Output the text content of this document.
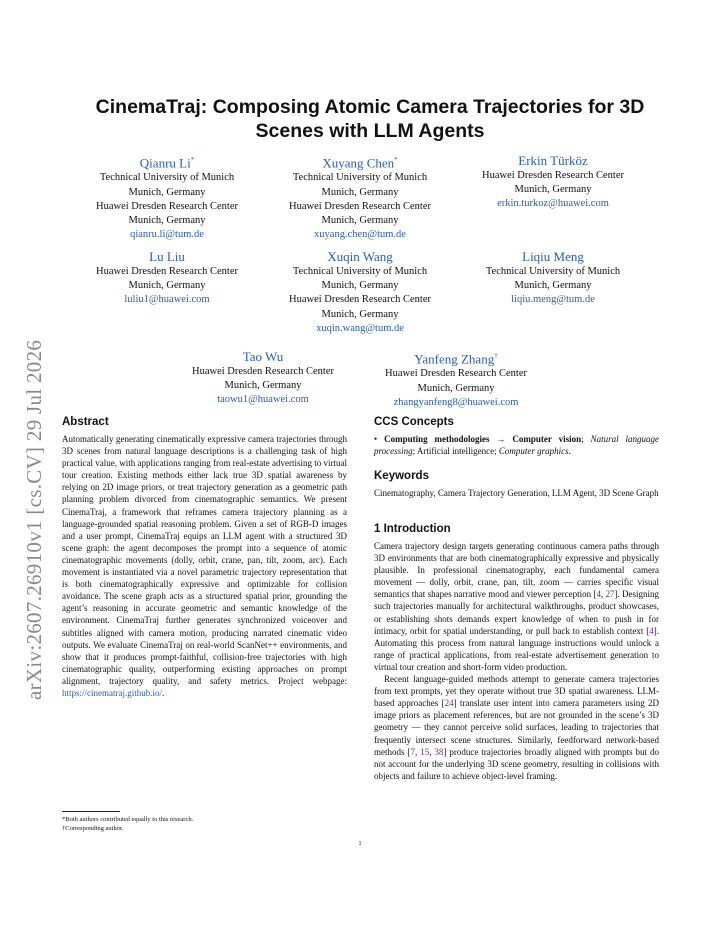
arXiv:2607.26910v1 [cs.CV] 29 Jul 2026
CinemaTraj: Composing Atomic Camera Trajectories for 3D Scenes with LLM Agents
Qianru Li*
Technical University of Munich
Munich, Germany
Huawei Dresden Research Center
Munich, Germany
qianru.li@tum.de
Xuyang Chen*
Technical University of Munich
Munich, Germany
Huawei Dresden Research Center
Munich, Germany
xuyang.chen@tum.de
Erkin Türköz
Huawei Dresden Research Center
Munich, Germany
erkin.turkoz@huawei.com
Lu Liu
Huawei Dresden Research Center
Munich, Germany
luliu1@huawei.com
Xuqin Wang
Technical University of Munich
Munich, Germany
Huawei Dresden Research Center
Munich, Germany
xuqin.wang@tum.de
Liqiu Meng
Technical University of Munich
Munich, Germany
liqiu.meng@tum.de
Tao Wu
Huawei Dresden Research Center
Munich, Germany
taowu1@huawei.com
Yanfeng Zhang†
Huawei Dresden Research Center
Munich, Germany
zhangyanfeng8@huawei.com
Abstract

Automatically generating cinematically expressive camera trajectories through 3D scenes from natural language descriptions is a challenging task of high practical value, with applications ranging from real-estate advertising to virtual tour creation. Existing methods either lack true 3D spatial awareness by relying on 2D image priors, or treat trajectory generation as a geometric path planning problem divorced from cinematographic semantics. We present CinemaTraj, a framework that reframes camera trajectory planning as a language-grounded spatial reasoning problem. Given a set of RGB-D images and a user prompt, CinemaTraj equips an LLM agent with a structured 3D scene graph: the agent decomposes the prompt into a sequence of atomic cinematographic movements (dolly, orbit, crane, pan, tilt, zoom, arc). Each movement is instantiated via a novel parametric trajectory representation that is both cinematographically expressive and optimizable for collision avoidance. The scene graph acts as a structured spatial prior, grounding the agent’s reasoning in accurate geometric and semantic knowledge of the environment. CinemaTraj further generates synchronized voiceover and subtitles aligned with camera motion, producing narrated cinematic video outputs. We evaluate CinemaTraj on real-world ScanNet++ environments, and show that it produces prompt-faithful, collision-free trajectories with high cinematographic quality, outperforming existing approaches on prompt alignment, trajectory quality, and safety metrics. Project webpage: https://cinematraj.github.io/.

CCS Concepts

• Computing methodologies → Computer vision; Natural language processing; Artificial intelligence; Computer graphics.

Keywords

Cinematography, Camera Trajectory Generation, LLM Agent, 3D Scene Graph

1 Introduction

Camera trajectory design targets generating continuous camera paths through 3D environments that are both cinematographically expressive and physically plausible. In professional cinematography, each fundamental camera movement — dolly, orbit, crane, pan, tilt, zoom — carries specific visual semantics that shapes narrative mood and viewer perception [4, 27]. Designing such trajectories manually for architectural walkthroughs, product showcases, or establishing shots demands expert knowledge of when to push in for intimacy, orbit for spatial understanding, or pull back to establish context [4]. Automating this process from natural language instructions would unlock a range of practical applications, from real-estate advertisement generation to virtual tour creation and short-form video production.

Recent language-guided methods attempt to generate camera trajectories from text prompts, yet they operate without true 3D spatial awareness. LLM-based approaches [24] translate user intent into camera parameters using 2D image priors as placement references, but are not grounded in the scene’s 3D geometry — they cannot perceive solid surfaces, leading to trajectories that frequently intersect scene structures. Similarly, feedforward network-based methods [7, 15, 38] produce trajectories broadly aligned with prompts but do not account for the underlying 3D scene geometry, resulting in collisions with objects and failure to achieve object-level framing.

*Both authors contributed equally to this research.
†Corresponding author.
1
